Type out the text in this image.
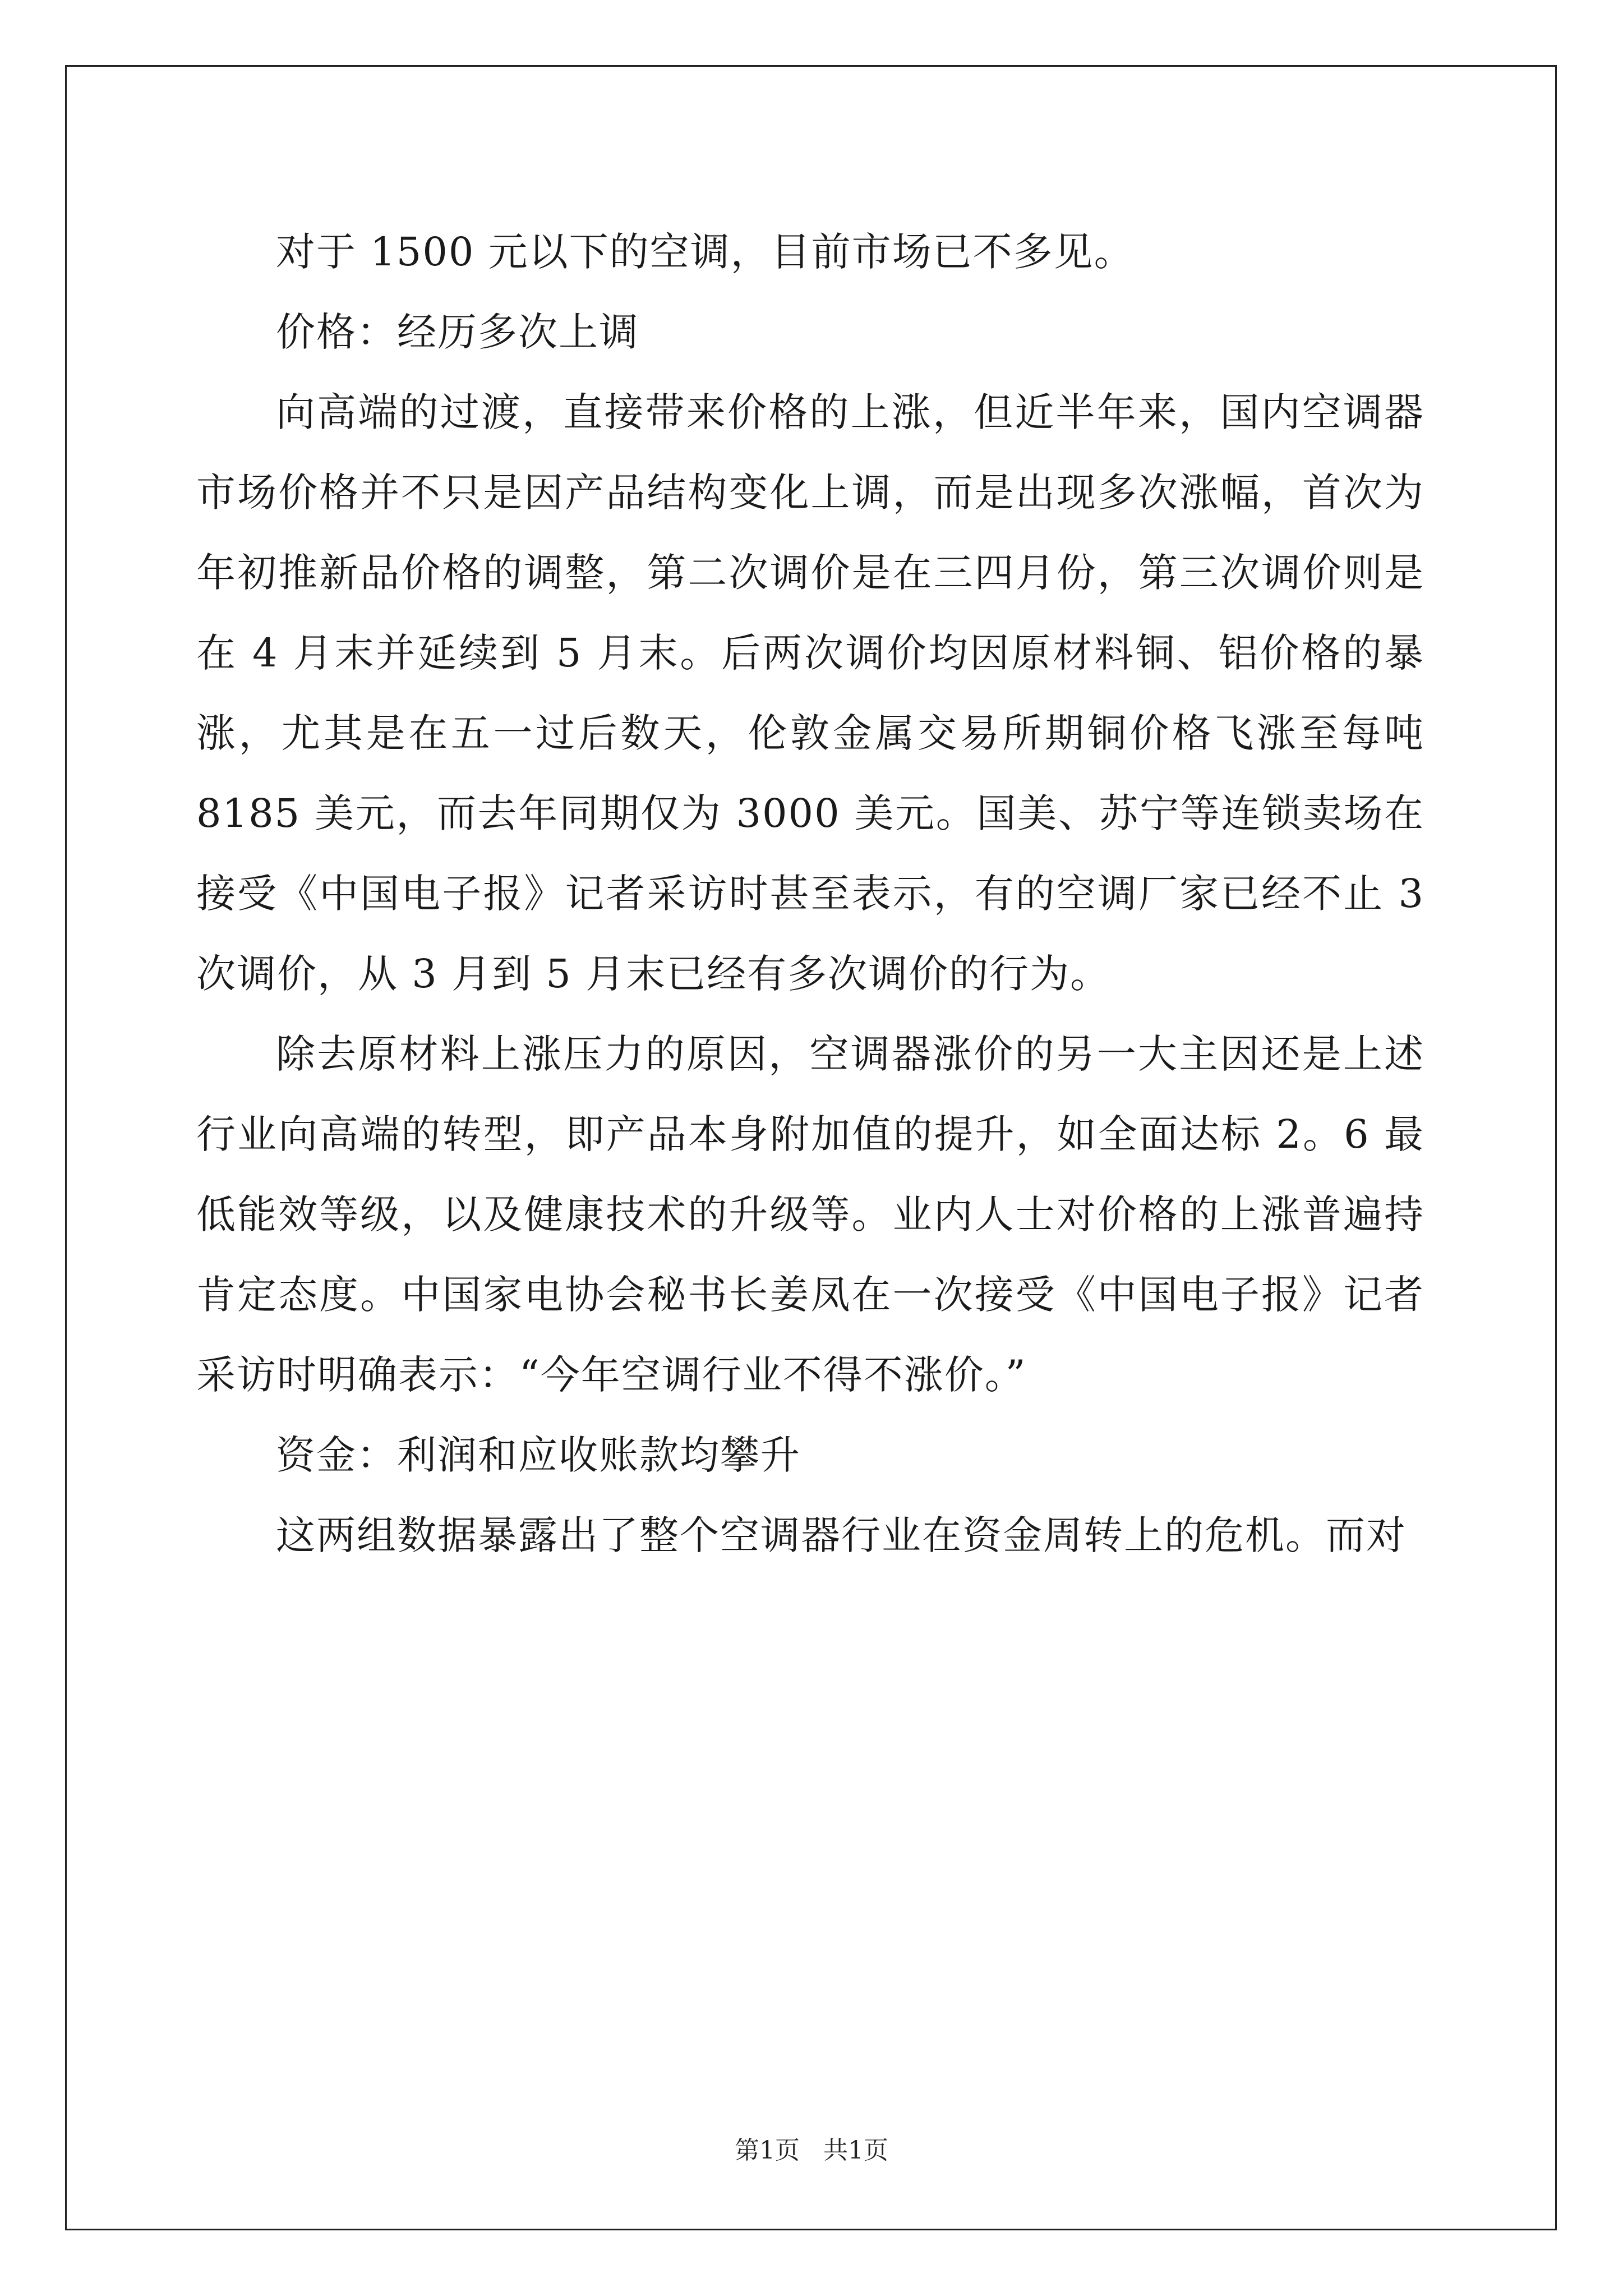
对于 1500 元以下的空调，目前市场已不多见。

价格：经历多次上调

向高端的过渡，直接带来价格的上涨，但近半年来，国内空调器市场价格并不只是因产品结构变化上调，而是出现多次涨幅，首次为年初推新品价格的调整，第二次调价是在三四月份，第三次调价则是在 4 月末并延续到 5 月末。后两次调价均因原材料铜、铝价格的暴涨，尤其是在五一过后数天，伦敦金属交易所期铜价格飞涨至每吨 8185 美元，而去年同期仅为 3000 美元。国美、苏宁等连锁卖场在接受《中国电子报》记者采访时甚至表示，有的空调厂家已经不止 3 次调价，从 3 月到 5 月末已经有多次调价的行为。

除去原材料上涨压力的原因，空调器涨价的另一大主因还是上述行业向高端的转型，即产品本身附加值的提升，如全面达标 2。6 最低能效等级，以及健康技术的升级等。业内人士对价格的上涨普遍持肯定态度。中国家电协会秘书长姜凤在一次接受《中国电子报》记者采访时明确表示：“今年空调行业不得不涨价。”

资金：利润和应收账款均攀升

这两组数据暴露出了整个空调器行业在资金周转上的危机。而对

第1页 共1页
